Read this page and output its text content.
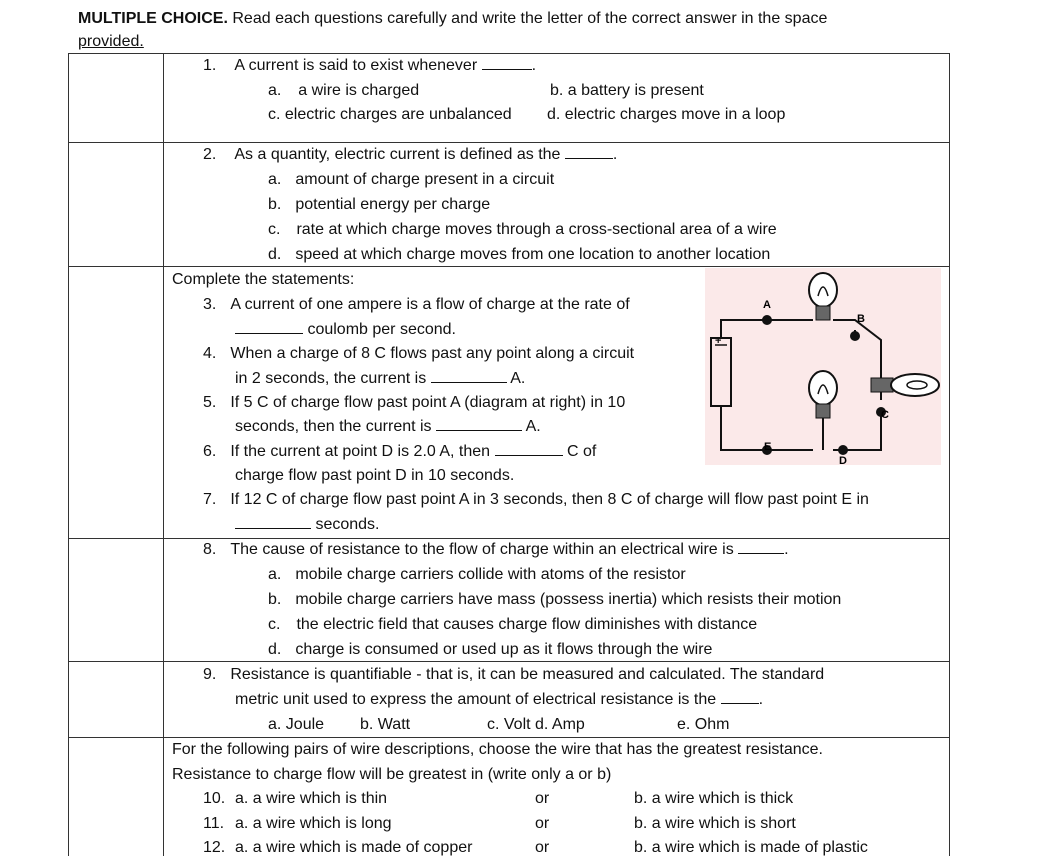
MULTIPLE CHOICE. Read each questions carefully and write the letter of the correct answer in the space
provided.
1. A current is said to exist whenever	.
a. a wire is charged	b. a battery is present
c. electric charges are unbalanced d. electric charges move in a loop
2. As a quantity, electric current is defined as the	.
a. amount of charge present in a circuit
b. potential energy per charge
c. rate at which charge moves through a cross-sectional area of a wire
d. speed at which charge moves from one location to another location
Complete the statements:
3. A current of one ampere is a flow of charge at the rate of
coulomb per second.
4. When a charge of 8 C flows past any point along a circuit
in 2 seconds, the current is	A.
5. If 5 C of charge flow past point A (diagram at right) in 10
seconds, then the current is	A.
6. If the current at point D is 2.0 A, then	C of
charge flow past point D in 10 seconds.
7. If 12 C of charge flow past point A in 3 seconds, then 8 C of charge will flow past point E in
seconds.
+
A
B
C
D
E
8. The cause of resistance to the flow of charge within an electrical wire is	.
a. mobile charge carriers collide with atoms of the resistor
b. mobile charge carriers have mass (possess inertia) which resists their motion
c. the electric field that causes charge flow diminishes with distance
d. charge is consumed or used up as it flows through the wire
9. Resistance is quantifiable - that is, it can be measured and calculated. The standard
metric unit used to express the amount of electrical resistance is the	.
a. Joule b. Watt	c. Volt d. Amp	e. Ohm
For the following pairs of wire descriptions, choose the wire that has the greatest resistance.
Resistance to charge flow will be greatest in (write only a or b)
10. a. a wire which is thin	or	b. a wire which is thick
11. a. a wire which is long	or	b. a wire which is short
12. a. a wire which is made of copper	or	b. a wire which is made of plastic
